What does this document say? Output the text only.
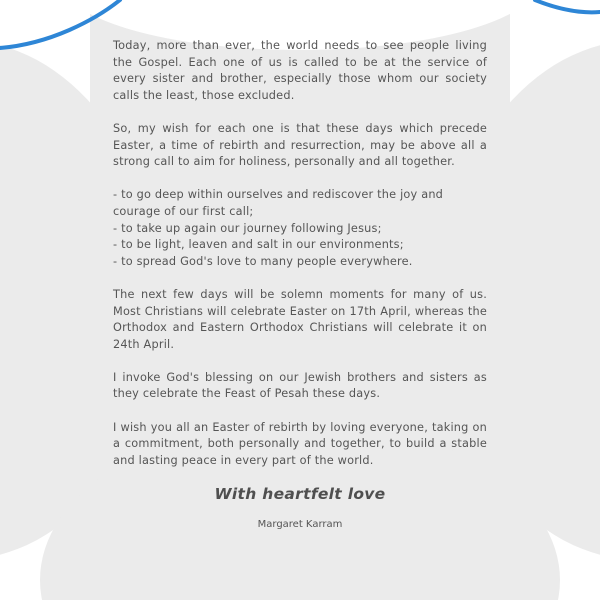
Today, more than ever, the world needs to see people living the Gospel. Each one of us is called to be at the service of every sister and brother, especially those whom our society calls the least, those excluded.

So, my wish for each one is that these days which precede Easter, a time of rebirth and resurrection, may be above all a strong call to aim for holiness, personally and all together.

- to go deep within ourselves and rediscover the joy and courage of our first call;
- to take up again our journey following Jesus;
- to be light, leaven and salt in our environments;
- to spread God's love to many people everywhere.

The next few days will be solemn moments for many of us. Most Christians will celebrate Easter on 17th April, whereas the Orthodox and Eastern Orthodox Christians will celebrate it on 24th April.

I invoke God's blessing on our Jewish brothers and sisters as they celebrate the Feast of Pesah these days.

I wish you all an Easter of rebirth by loving everyone, taking on a commitment, both personally and together, to build a stable and lasting peace in every part of the world.

With heartfelt love
Margaret Karram
